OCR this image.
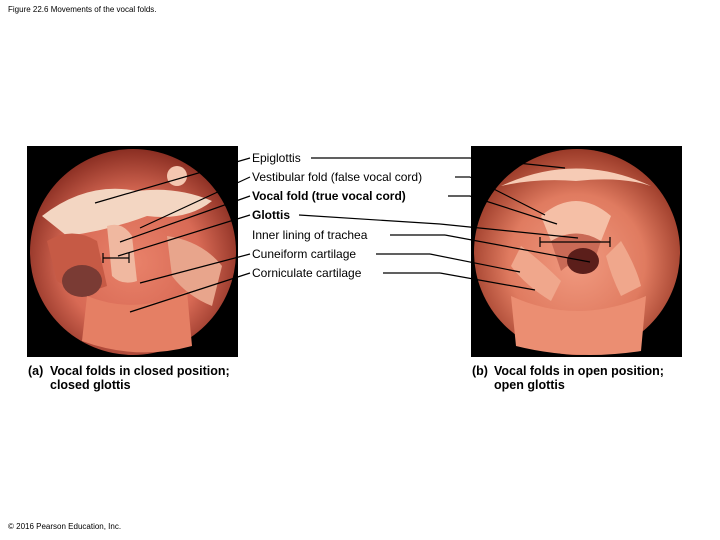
Figure 22.6 Movements of the vocal folds.
Epiglottis
Vestibular fold (false vocal cord)
Vocal fold (true vocal cord)
Glottis
Inner lining of trachea
Cuneiform cartilage
Corniculate cartilage
(a) Vocal folds in closed position;
closed glottis
(b) Vocal folds in open position;
open glottis
© 2016 Pearson Education, Inc.
